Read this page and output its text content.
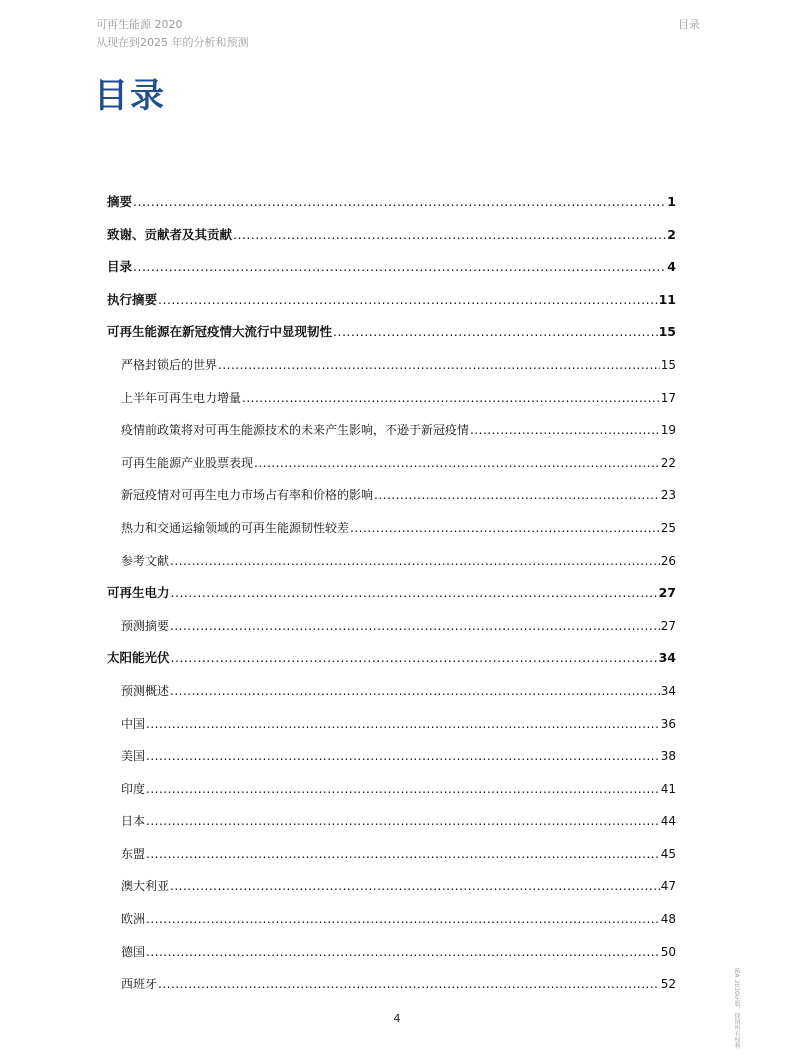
可再生能源 2020
从现在到2025 年的分析和预测
目录
目录
摘要 .....	1
致谢、贡献者及其贡献 .....	2
目录 .....	4
执行摘要 .....	11
可再生能源在新冠疫情大流行中显现韧性 .....	15
严格封锁后的世界 .....	15
上半年可再生电力增量 .....	17
疫情前政策将对可再生能源技术的未来产生影响，不逊于新冠疫情 .....	19
可再生能源产业股票表现 .....	22
新冠疫情对可再生电力市场占有率和价格的影响 .....	23
热力和交通运输领域的可再生能源韧性较差 .....	25
参考文献 .....	26
可再生电力 .....	27
预测摘要 .....	27
太阳能光伏 .....	34
预测概述 .....	34
中国 .....	36
美国 .....	38
印度 .....	41
日本 .....	44
东盟 .....	45
澳大利亚 .....	47
欧洲 .....	48
德国 .....	50
西班牙 .....	52
4	IEA 2020年版，保留所有权利
